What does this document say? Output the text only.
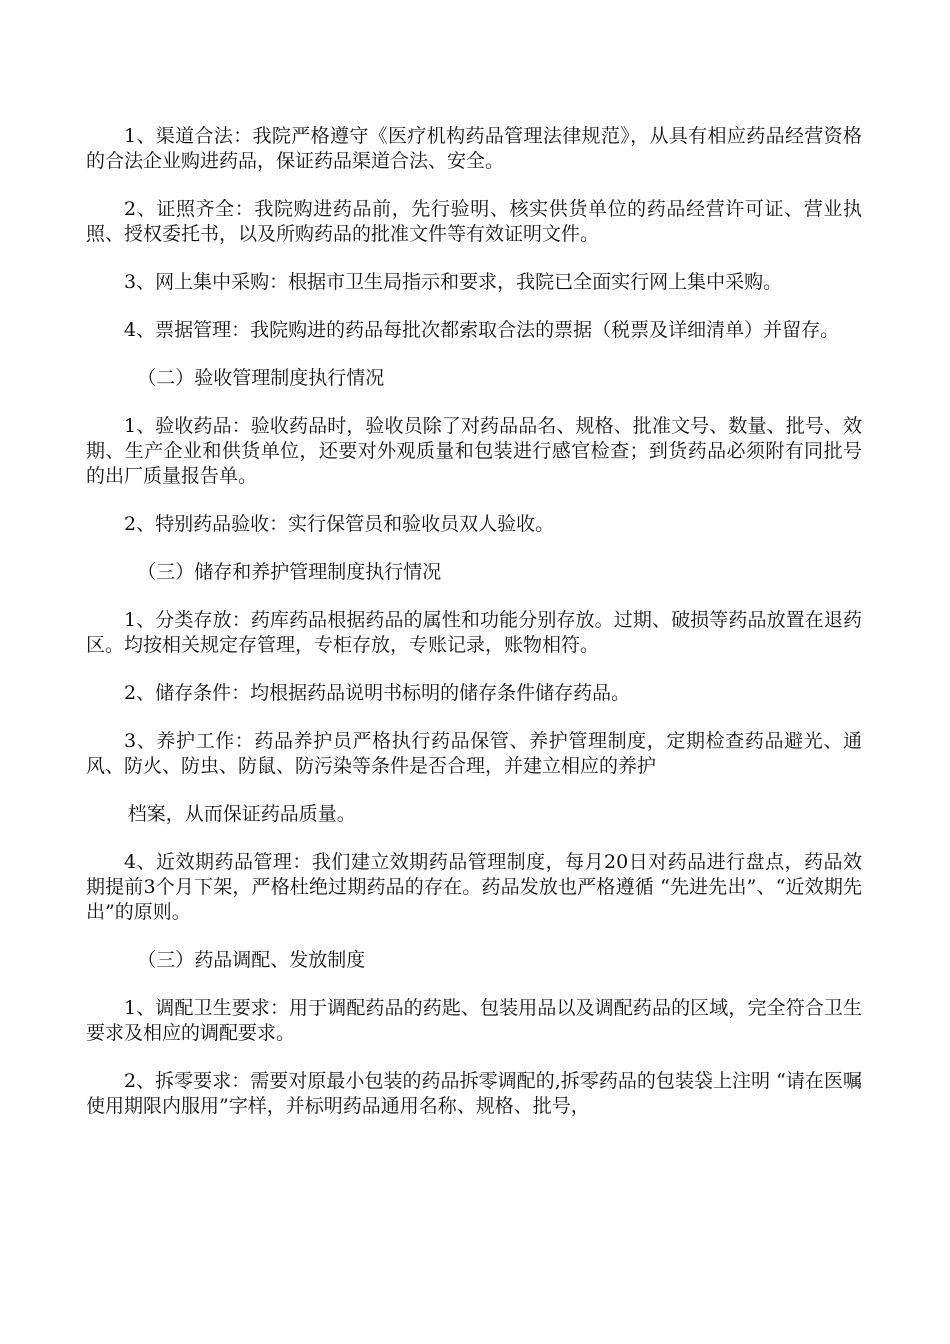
1、渠道合法：我院严格遵守《医疗机构药品管理法律规范》，从具有相应药品经营资格的合法企业购进药品，保证药品渠道合法、安全。

2、证照齐全：我院购进药品前，先行验明、核实供货单位的药品经营许可证、营业执照、授权委托书，以及所购药品的批准文件等有效证明文件。

3、网上集中采购：根据市卫生局指示和要求，我院已全面实行网上集中采购。

4、票据管理：我院购进的药品每批次都索取合法的票据（税票及详细清单）并留存。

（二）验收管理制度执行情况

1、验收药品：验收药品时，验收员除了对药品品名、规格、批准文号、数量、批号、效期、生产企业和供货单位，还要对外观质量和包装进行感官检查；到货药品必须附有同批号的出厂质量报告单。

2、特别药品验收：实行保管员和验收员双人验收。

（三）储存和养护管理制度执行情况

1、分类存放：药库药品根据药品的属性和功能分别存放。过期、破损等药品放置在退药区。均按相关规定存管理，专柜存放，专账记录，账物相符。

2、储存条件：均根据药品说明书标明的储存条件储存药品。

3、养护工作：药品养护员严格执行药品保管、养护管理制度，定期检查药品避光、通风、防火、防虫、防鼠、防污染等条件是否合理，并建立相应的养护

档案，从而保证药品质量。

4、近效期药品管理：我们建立效期药品管理制度，每月20日对药品进行盘点，药品效期提前3个月下架，严格杜绝过期药品的存在。药品发放也严格遵循 “先进先出”、“近效期先出”的原则。

（三）药品调配、发放制度

1、调配卫生要求：用于调配药品的药匙、包装用品以及调配药品的区域，完全符合卫生要求及相应的调配要求。

2、拆零要求：需要对原最小包装的药品拆零调配的,拆零药品的包装袋上注明 “请在医嘱使用期限内服用”字样，并标明药品通用名称、规格、批号，
